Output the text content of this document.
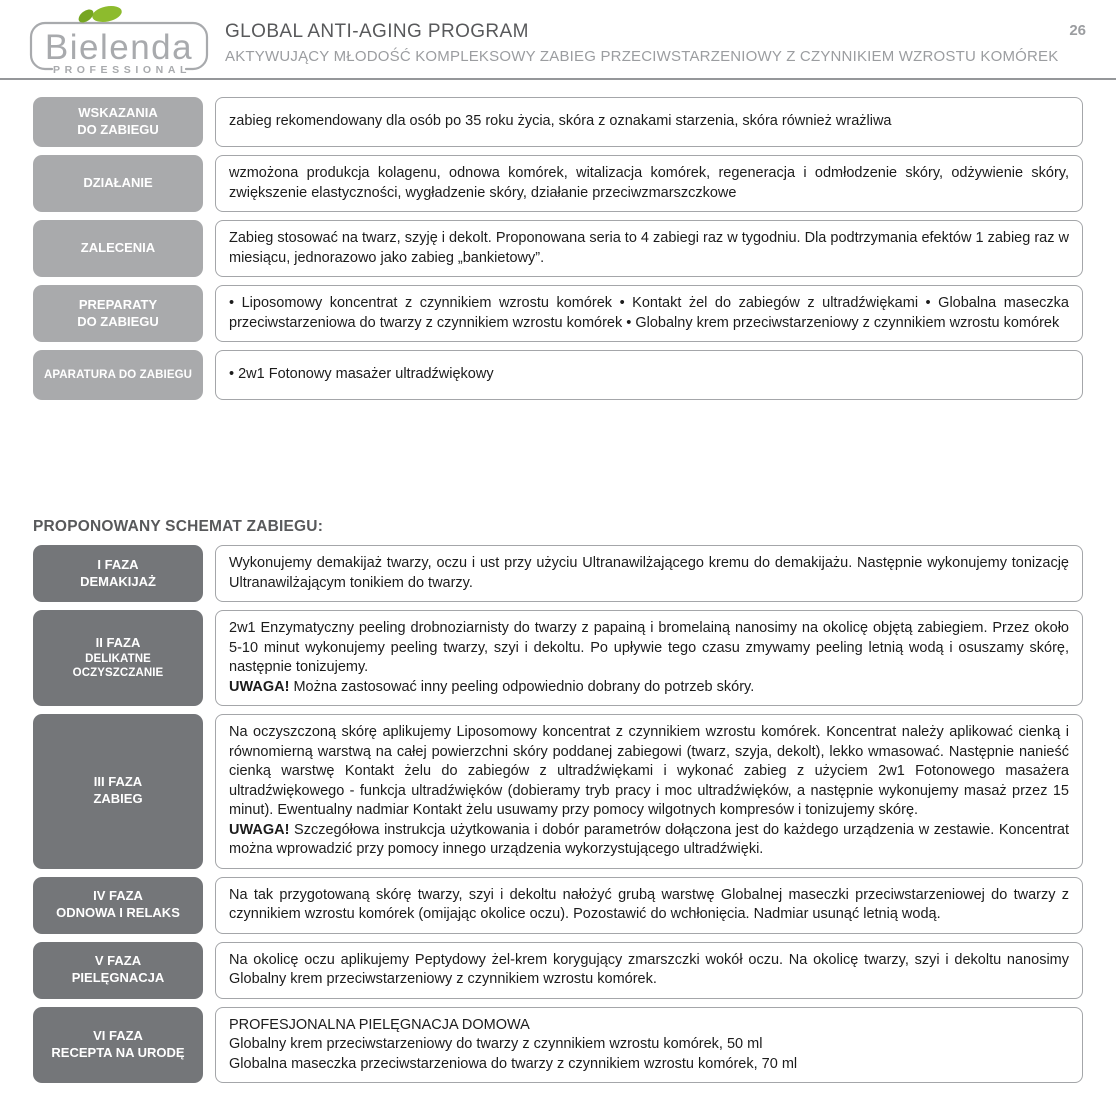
Bielenda
PROFESSIONAL
GLOBAL ANTI-AGING PROGRAM
AKTYWUJĄCY MŁODOŚĆ KOMPLEKSOWY ZABIEG PRZECIWSTARZENIOWY Z CZYNNIKIEM WZROSTU KOMÓREK
26
WSKAZANIA
DO ZABIEGU

zabieg rekomendowany dla osób po 35 roku życia, skóra z oznakami starzenia, skóra również wrażliwa

DZIAŁANIE

wzmożona produkcja kolagenu, odnowa komórek, witalizacja komórek, regeneracja i odmłodzenie skóry, odżywienie skóry, zwiększenie elastyczności, wygładzenie skóry, działanie przeciwzmarszczkowe

ZALECENIA

Zabieg stosować na twarz, szyję i dekolt. Proponowana seria to 4 zabiegi raz w tygodniu. Dla podtrzymania efektów 1 zabieg raz w miesiącu, jednorazowo jako zabieg „bankietowy”.

PREPARATY
DO ZABIEGU

• Liposomowy koncentrat z czynnikiem wzrostu komórek • Kontakt żel do zabiegów z ultradźwiękami • Globalna maseczka przeciwstarzeniowa do twarzy z czynnikiem wzrostu komórek • Globalny krem przeciwstarzeniowy z czynnikiem wzrostu komórek

APARATURA DO ZABIEGU	• 2w1 Fotonowy masażer ultradźwiękowy

PROPONOWANY SCHEMAT ZABIEGU:
I FAZA
DEMAKIJAŻ

Wykonujemy demakijaż twarzy, oczu i ust przy użyciu Ultranawilżającego kremu do demakijażu. Następnie wykonujemy tonizację Ultranawilżającym tonikiem do twarzy.

II FAZA
DELIKATNE OCZYSZCZANIE

2w1 Enzymatyczny peeling drobnoziarnisty do twarzy z papainą i bromelainą nanosimy na okolicę objętą zabiegiem. Przez około 5-10 minut wykonujemy peeling twarzy, szyi i dekoltu. Po upływie tego czasu zmywamy peeling letnią wodą i osuszamy skórę, następnie tonizujemy.

UWAGA! Można zastosować inny peeling odpowiednio dobrany do potrzeb skóry.

III FAZA
ZABIEG

Na oczyszczoną skórę aplikujemy Liposomowy koncentrat z czynnikiem wzrostu komórek. Koncentrat należy aplikować cienką i równomierną warstwą na całej powierzchni skóry poddanej zabiegowi (twarz, szyja, dekolt), lekko wmasować. Następnie nanieść cienką warstwę Kontakt żelu do zabiegów z ultradźwiękami i wykonać zabieg z użyciem 2w1 Fotonowego masażera ultradźwiękowego - funkcja ultradźwięków (dobieramy tryb pracy i moc ultradźwięków, a następnie wykonujemy masaż przez 15 minut). Ewentualny nadmiar Kontakt żelu usuwamy przy pomocy wilgotnych kompresów i tonizujemy skórę.

UWAGA! Szczegółowa instrukcja użytkowania i dobór parametrów dołączona jest do każdego urządzenia w zestawie. Koncentrat można wprowadzić przy pomocy innego urządzenia wykorzystującego ultradźwięki.

IV FAZA
ODNOWA I RELAKS

Na tak przygotowaną skórę twarzy, szyi i dekoltu nałożyć grubą warstwę Globalnej maseczki przeciwstarzeniowej do twarzy z czynnikiem wzrostu komórek (omijając okolice oczu). Pozostawić do wchłonięcia. Nadmiar usunąć letnią wodą.

V FAZA
PIELĘGNACJA

Na okolicę oczu aplikujemy Peptydowy żel-krem korygujący zmarszczki wokół oczu. Na okolicę twarzy, szyi i dekoltu nanosimy Globalny krem przeciwstarzeniowy z czynnikiem wzrostu komórek.

VI FAZA
RECEPTA NA URODĘ

PROFESJONALNA PIELĘGNACJA DOMOWA

Globalny krem przeciwstarzeniowy do twarzy z czynnikiem wzrostu komórek, 50 ml

Globalna maseczka przeciwstarzeniowa do twarzy z czynnikiem wzrostu komórek, 70 ml
